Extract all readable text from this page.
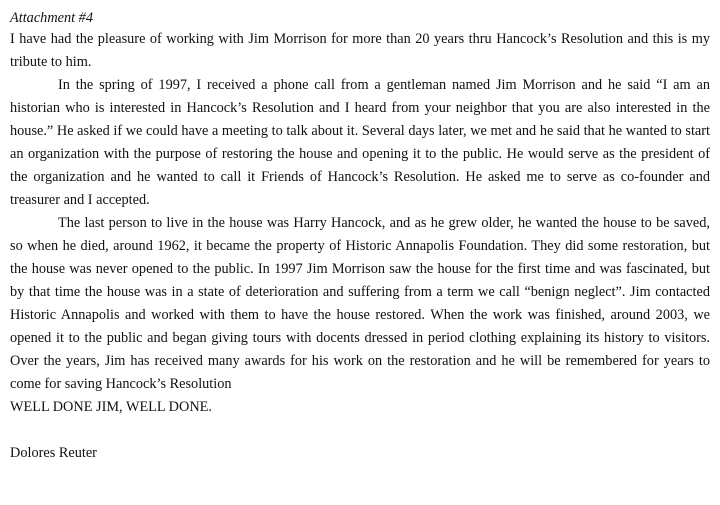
Attachment #4

I have had the pleasure of working with Jim Morrison for more than 20 years thru Hancock’s Resolution and this is my tribute to him.

In the spring of 1997, I received a phone call from a gentleman named Jim Morrison and he said “I am an historian who is interested in Hancock’s Resolution and I heard from your neighbor that you are also interested in the house.” He asked if we could have a meeting to talk about it. Several days later, we met and he said that he wanted to start an organization with the purpose of restoring the house and opening it to the public. He would serve as the president of the organization and he wanted to call it Friends of Hancock’s Resolution. He asked me to serve as co-founder and treasurer and I accepted.

The last person to live in the house was Harry Hancock, and as he grew older, he wanted the house to be saved, so when he died, around 1962, it became the property of Historic Annapolis Foundation. They did some restoration, but the house was never opened to the public. In 1997 Jim Morrison saw the house for the first time and was fascinated, but by that time the house was in a state of deterioration and suffering from a term we call “benign neglect”. Jim contacted Historic Annapolis and worked with them to have the house restored. When the work was finished, around 2003, we opened it to the public and began giving tours with docents dressed in period clothing explaining its history to visitors. Over the years, Jim has received many awards for his work on the restoration and he will be remembered for years to come for saving Hancock’s Resolution

WELL DONE JIM, WELL DONE.

Dolores Reuter
